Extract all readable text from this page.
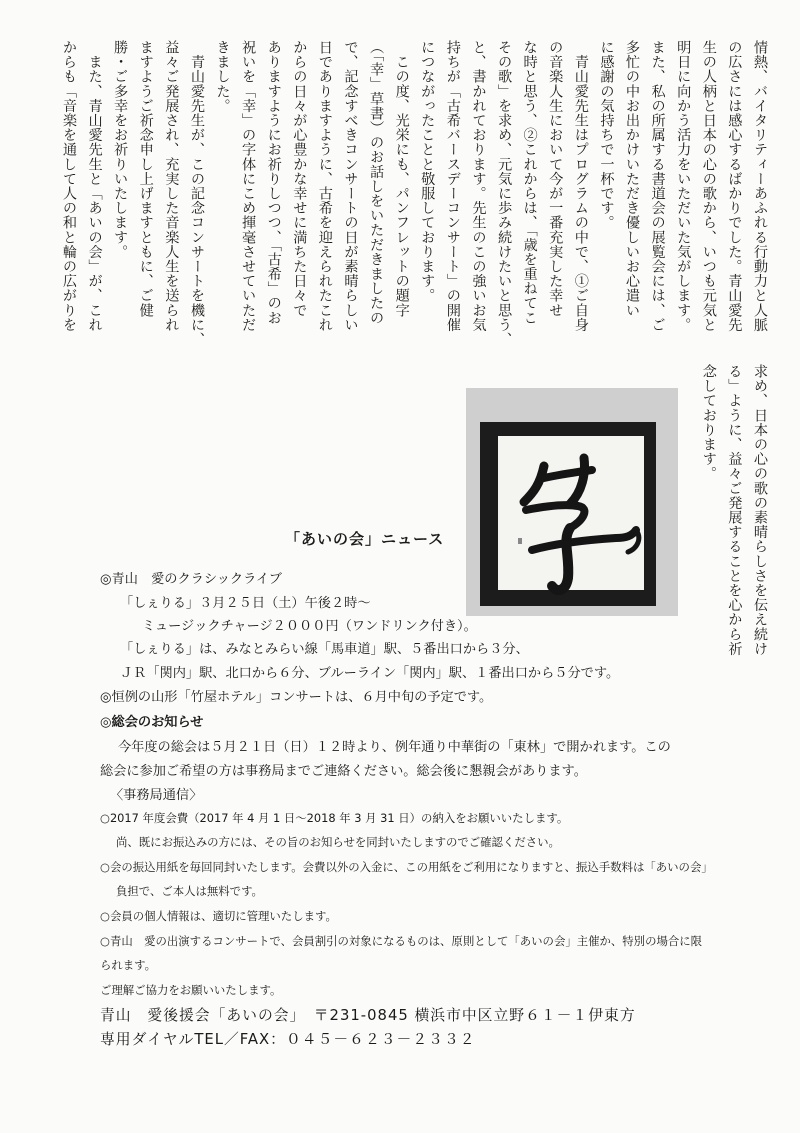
情熱、バイタリティーあふれる行動力と人脈
の広さには感心するばかりでした。青山愛先
生の人柄と日本の心の歌から、いつも元気と
明日に向かう活力をいただいた気がします。
また、私の所属する書道会の展覧会には、ご
多忙の中お出かけいただき優しいお心遣い
に感謝の気持ちで一杯です。
　青山愛先生はプログラムの中で、①ご自身
の音楽人生において今が一番充実した幸せ
な時と思う、②これからは、「歳を重ねてこ
その歌」を求め、元気に歩み続けたいと思う、
と、書かれております。先生のこの強いお気
持ちが「古希バースデーコンサート」の開催
につながったことと敬服しております。
　この度、光栄にも、パンフレットの題字
（「幸」草書）のお話しをいただきましたの
で、記念すべきコンサートの日が素晴らしい
日でありますように、古希を迎えられたこれ
からの日々が心豊かな幸せに満ちた日々で
ありますようにお祈りしつつ、「古希」のお
祝いを「幸」の字体にこめ揮毫させていただ
きました。
　青山愛先生が、この記念コンサートを機に、
益々ご発展され、充実した音楽人生を送られ
ますようご祈念申し上げますともに、ご健
勝・ご多幸をお祈りいたします。
　また、青山愛先生と「あいの会」が、これ
からも「音楽を通して人の和と輪の広がりを
求め、日本の心の歌の素晴らしさを伝え続け
る」ように、益々ご発展することを心から祈
念しております。
「あいの会」ニュース
◎青山　愛のクラシックライブ
「しぇりる」３月２５日（土）午後２時～
ミュージックチャージ２０００円（ワンドリンク付き）。
「しぇりる」は、みなとみらい線「馬車道」駅、５番出口から３分、
ＪＲ「関内」駅、北口から６分、ブルーライン「関内」駅、１番出口から５分です。
◎恒例の山形「竹屋ホテル」コンサートは、６月中旬の予定です。
◎総会のお知らせ
今年度の総会は５月２１日（日）１２時より、例年通り中華街の「東林」で開かれます。この
総会に参加ご希望の方は事務局までご連絡ください。総会後に懇親会があります。
〈事務局通信〉
○2017 年度会費（2017 年 4 月 1 日～2018 年 3 月 31 日）の納入をお願いいたします。
尚、既にお振込みの方には、その旨のお知らせを同封いたしますのでご確認ください。
○会の振込用紙を毎回同封いたします。会費以外の入金に、この用紙をご利用になりますと、振込手数料は「あいの会」
負担で、ご本人は無料です。
○会員の個人情報は、適切に管理いたします。
○青山　愛の出演するコンサートで、会員割引の対象になるものは、原則として「あいの会」主催か、特別の場合に限
られます。
ご理解ご協力をお願いいたします。
青山　愛後援会「あいの会」　〒231-0845 横浜市中区立野６１－１伊東方
専用ダイヤルTEL／FAX：０４５－６２３－２３３２
